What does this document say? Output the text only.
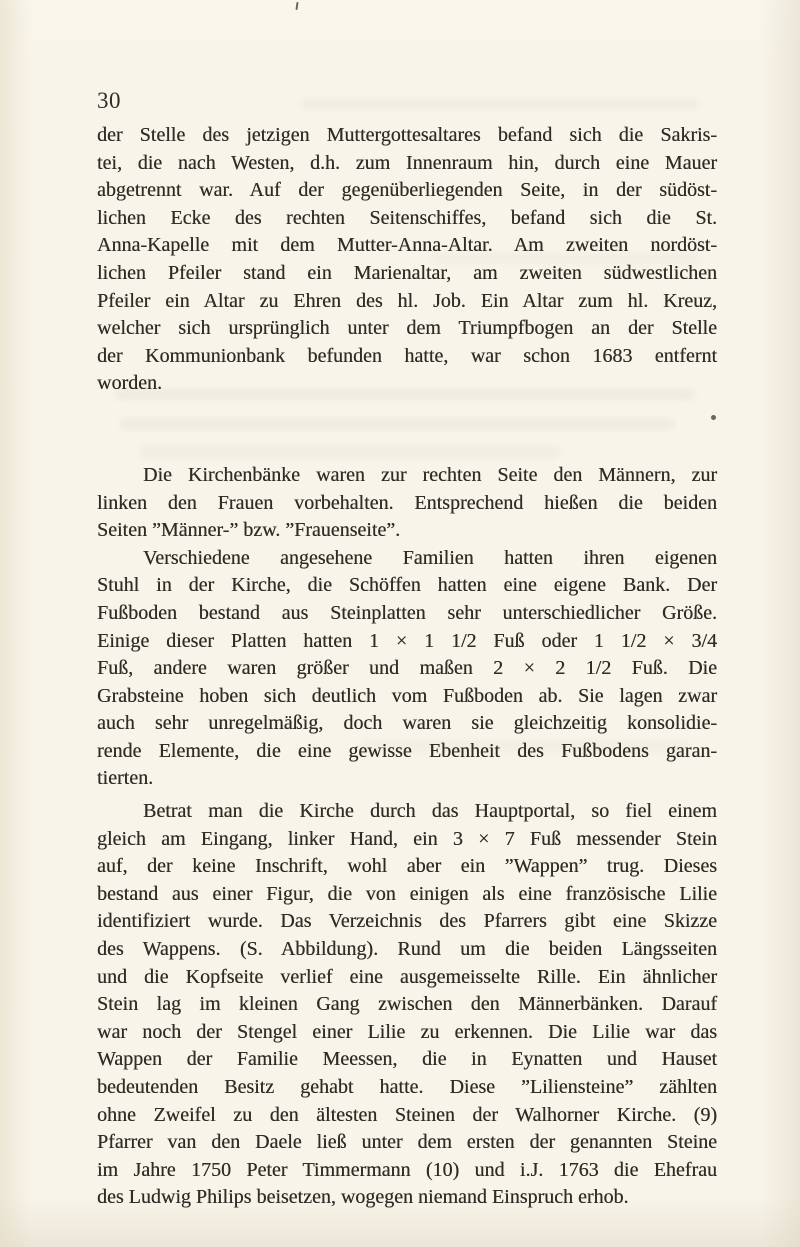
30
der Stelle des jetzigen Muttergottesaltares befand sich die Sakris-
tei, die nach Westen, d.h. zum Innenraum hin, durch eine Mauer
abgetrennt war. Auf der gegenüberliegenden Seite, in der südöst-
lichen Ecke des rechten Seitenschiffes, befand sich die St.
Anna-Kapelle mit dem Mutter-Anna-Altar. Am zweiten nordöst-
lichen Pfeiler stand ein Marienaltar, am zweiten südwestlichen
Pfeiler ein Altar zu Ehren des hl. Job. Ein Altar zum hl. Kreuz,
welcher sich ursprünglich unter dem Triumpfbogen an der Stelle
der Kommunionbank befunden hatte, war schon 1683 entfernt
worden.
Die Kirchenbänke waren zur rechten Seite den Männern, zur
linken den Frauen vorbehalten. Entsprechend hießen die beiden
Seiten ”Männer-” bzw. ”Frauenseite”.
Verschiedene angesehene Familien hatten ihren eigenen
Stuhl in der Kirche, die Schöffen hatten eine eigene Bank. Der
Fußboden bestand aus Steinplatten sehr unterschiedlicher Größe.
Einige dieser Platten hatten 1 × 1 1/2 Fuß oder 1 1/2 × 3/4
Fuß, andere waren größer und maßen 2 × 2 1/2 Fuß. Die
Grabsteine hoben sich deutlich vom Fußboden ab. Sie lagen zwar
auch sehr unregelmäßig, doch waren sie gleichzeitig konsolidie-
rende Elemente, die eine gewisse Ebenheit des Fußbodens garan-
tierten.
Betrat man die Kirche durch das Hauptportal, so fiel einem
gleich am Eingang, linker Hand, ein 3 × 7 Fuß messender Stein
auf, der keine Inschrift, wohl aber ein ”Wappen” trug. Dieses
bestand aus einer Figur, die von einigen als eine französische Lilie
identifiziert wurde. Das Verzeichnis des Pfarrers gibt eine Skizze
des Wappens. (S. Abbildung). Rund um die beiden Längsseiten
und die Kopfseite verlief eine ausgemeisselte Rille. Ein ähnlicher
Stein lag im kleinen Gang zwischen den Männerbänken. Darauf
war noch der Stengel einer Lilie zu erkennen. Die Lilie war das
Wappen der Familie Meessen, die in Eynatten und Hauset
bedeutenden Besitz gehabt hatte. Diese ”Liliensteine” zählten
ohne Zweifel zu den ältesten Steinen der Walhorner Kirche. (9)
Pfarrer van den Daele ließ unter dem ersten der genannten Steine
im Jahre 1750 Peter Timmermann (10) und i.J. 1763 die Ehefrau
des Ludwig Philips beisetzen, wogegen niemand Einspruch erhob.
